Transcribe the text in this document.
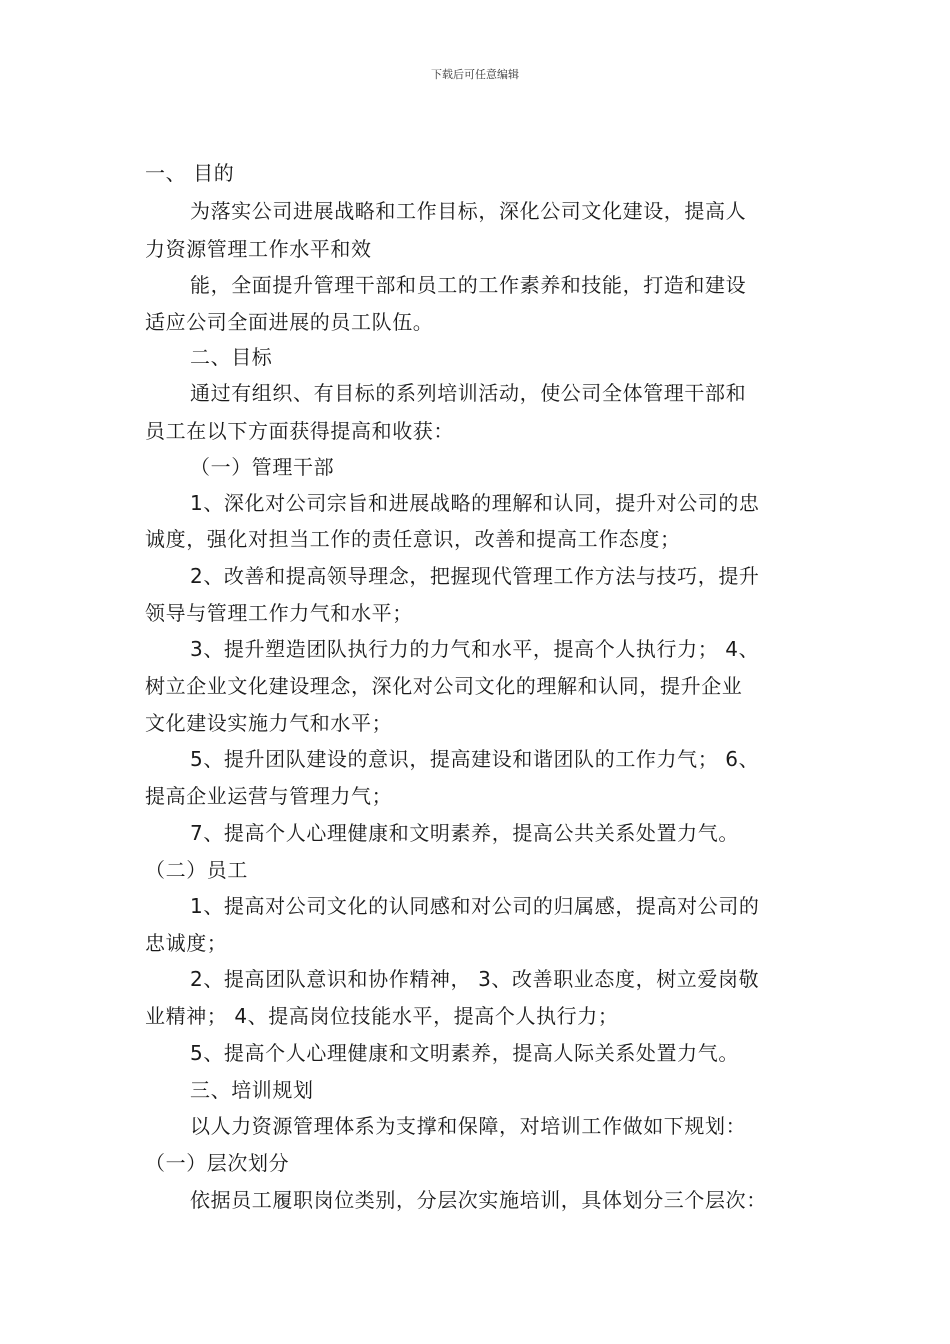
下载后可任意编辑
一、 目的
为落实公司进展战略和工作目标，深化公司文化建设，提高人
力资源管理工作水平和效
能，全面提升管理干部和员工的工作素养和技能，打造和建设
适应公司全面进展的员工队伍。
二、目标
通过有组织、有目标的系列培训活动，使公司全体管理干部和
员工在以下方面获得提高和收获：
（一）管理干部
1、深化对公司宗旨和进展战略的理解和认同，提升对公司的忠
诚度，强化对担当工作的责任意识，改善和提高工作态度；
2、改善和提高领导理念，把握现代管理工作方法与技巧，提升
领导与管理工作力气和水平；
3、提升塑造团队执行力的力气和水平，提高个人执行力； 4、
树立企业文化建设理念，深化对公司文化的理解和认同，提升企业
文化建设实施力气和水平；
5、提升团队建设的意识，提高建设和谐团队的工作力气； 6、
提高企业运营与管理力气；
7、提高个人心理健康和文明素养，提高公共关系处置力气。
（二）员工
1、提高对公司文化的认同感和对公司的归属感，提高对公司的
忠诚度；
2、提高团队意识和协作精神， 3、改善职业态度，树立爱岗敬
业精神； 4、提高岗位技能水平，提高个人执行力；
5、提高个人心理健康和文明素养，提高人际关系处置力气。
三、培训规划
以人力资源管理体系为支撑和保障，对培训工作做如下规划：
（一）层次划分
依据员工履职岗位类别，分层次实施培训，具体划分三个层次：
